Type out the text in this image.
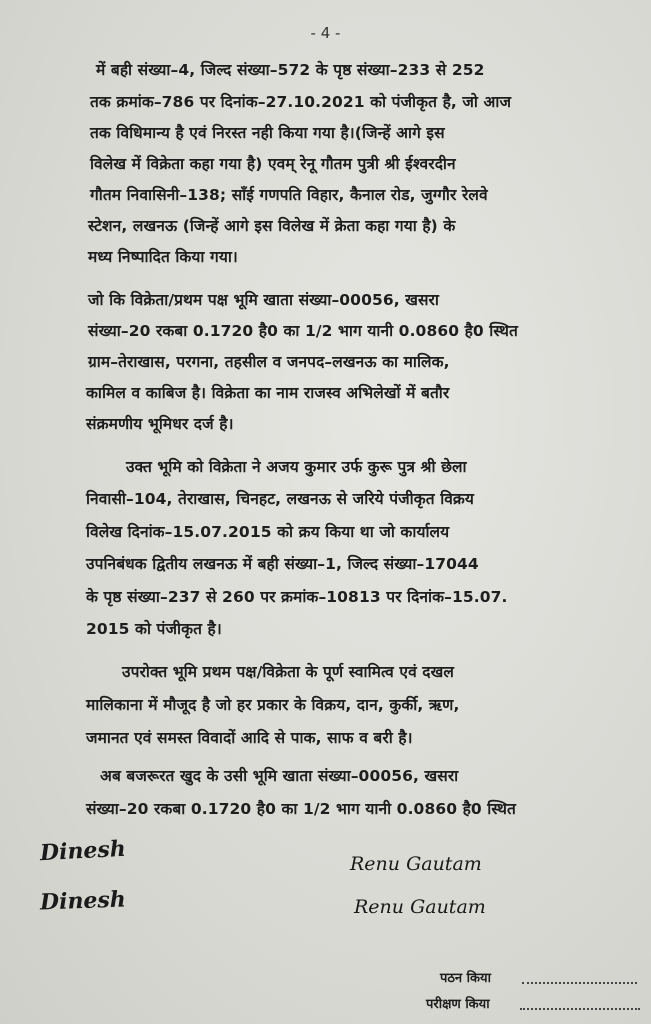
- 4 -
में बही संख्या–4, जिल्द संख्या–572 के पृष्ठ संख्या–233 से 252
तक क्रमांक–786 पर दिनांक–27.10.2021 को पंजीकृत है, जो आज
तक विधिमान्य है एवं निरस्त नही किया गया है।(जिन्हें आगे इस
विलेख में विक्रेता कहा गया है) एवम् रेनू गौतम पुत्री श्री ईश्वरदीन
गौतम निवासिनी–138; साँई गणपति विहार, कैनाल रोड, जुग्गौर रेलवे
स्टेशन, लखनऊ (जिन्हें आगे इस विलेख में क्रेता कहा गया है) के
मध्य निष्पादित किया गया।
जो कि विक्रेता/प्रथम पक्ष भूमि खाता संख्या–00056, खसरा
संख्या–20 रकबा 0.1720 है0 का 1/2 भाग यानी 0.0860 है0 स्थित
ग्राम–तेराखास, परगना, तहसील व जनपद–लखनऊ का मालिक,
कामिल व काबिज है। विक्रेता का नाम राजस्व अभिलेखों में बतौर
संक्रमणीय भूमिधर दर्ज है।
उक्त भूमि को विक्रेता ने अजय कुमार उर्फ कुरू पुत्र श्री छेला
निवासी–104, तेराखास, चिनहट, लखनऊ से जरिये पंजीकृत विक्रय
विलेख दिनांक–15.07.2015 को क्रय किया था जो कार्यालय
उपनिबंधक द्वितीय लखनऊ में बही संख्या–1, जिल्द संख्या–17044
के पृष्ठ संख्या–237 से 260 पर क्रमांक–10813 पर दिनांक–15.07.
2015 को पंजीकृत है।
उपरोक्त भूमि प्रथम पक्ष/विक्रेता के पूर्ण स्वामित्व एवं दखल
मालिकाना में मौजूद है जो हर प्रकार के विक्रय, दान, कुर्की, ऋण,
जमानत एवं समस्त विवादों आदि से पाक, साफ व बरी है।
अब बजरूरत खुद के उसी भूमि खाता संख्या–00056, खसरा
संख्या–20 रकबा 0.1720 है0 का 1/2 भाग यानी 0.0860 है0 स्थित
Dinesh
Dinesh
Renu Gautam
Renu Gautam
पठन किया
परीक्षण किया
